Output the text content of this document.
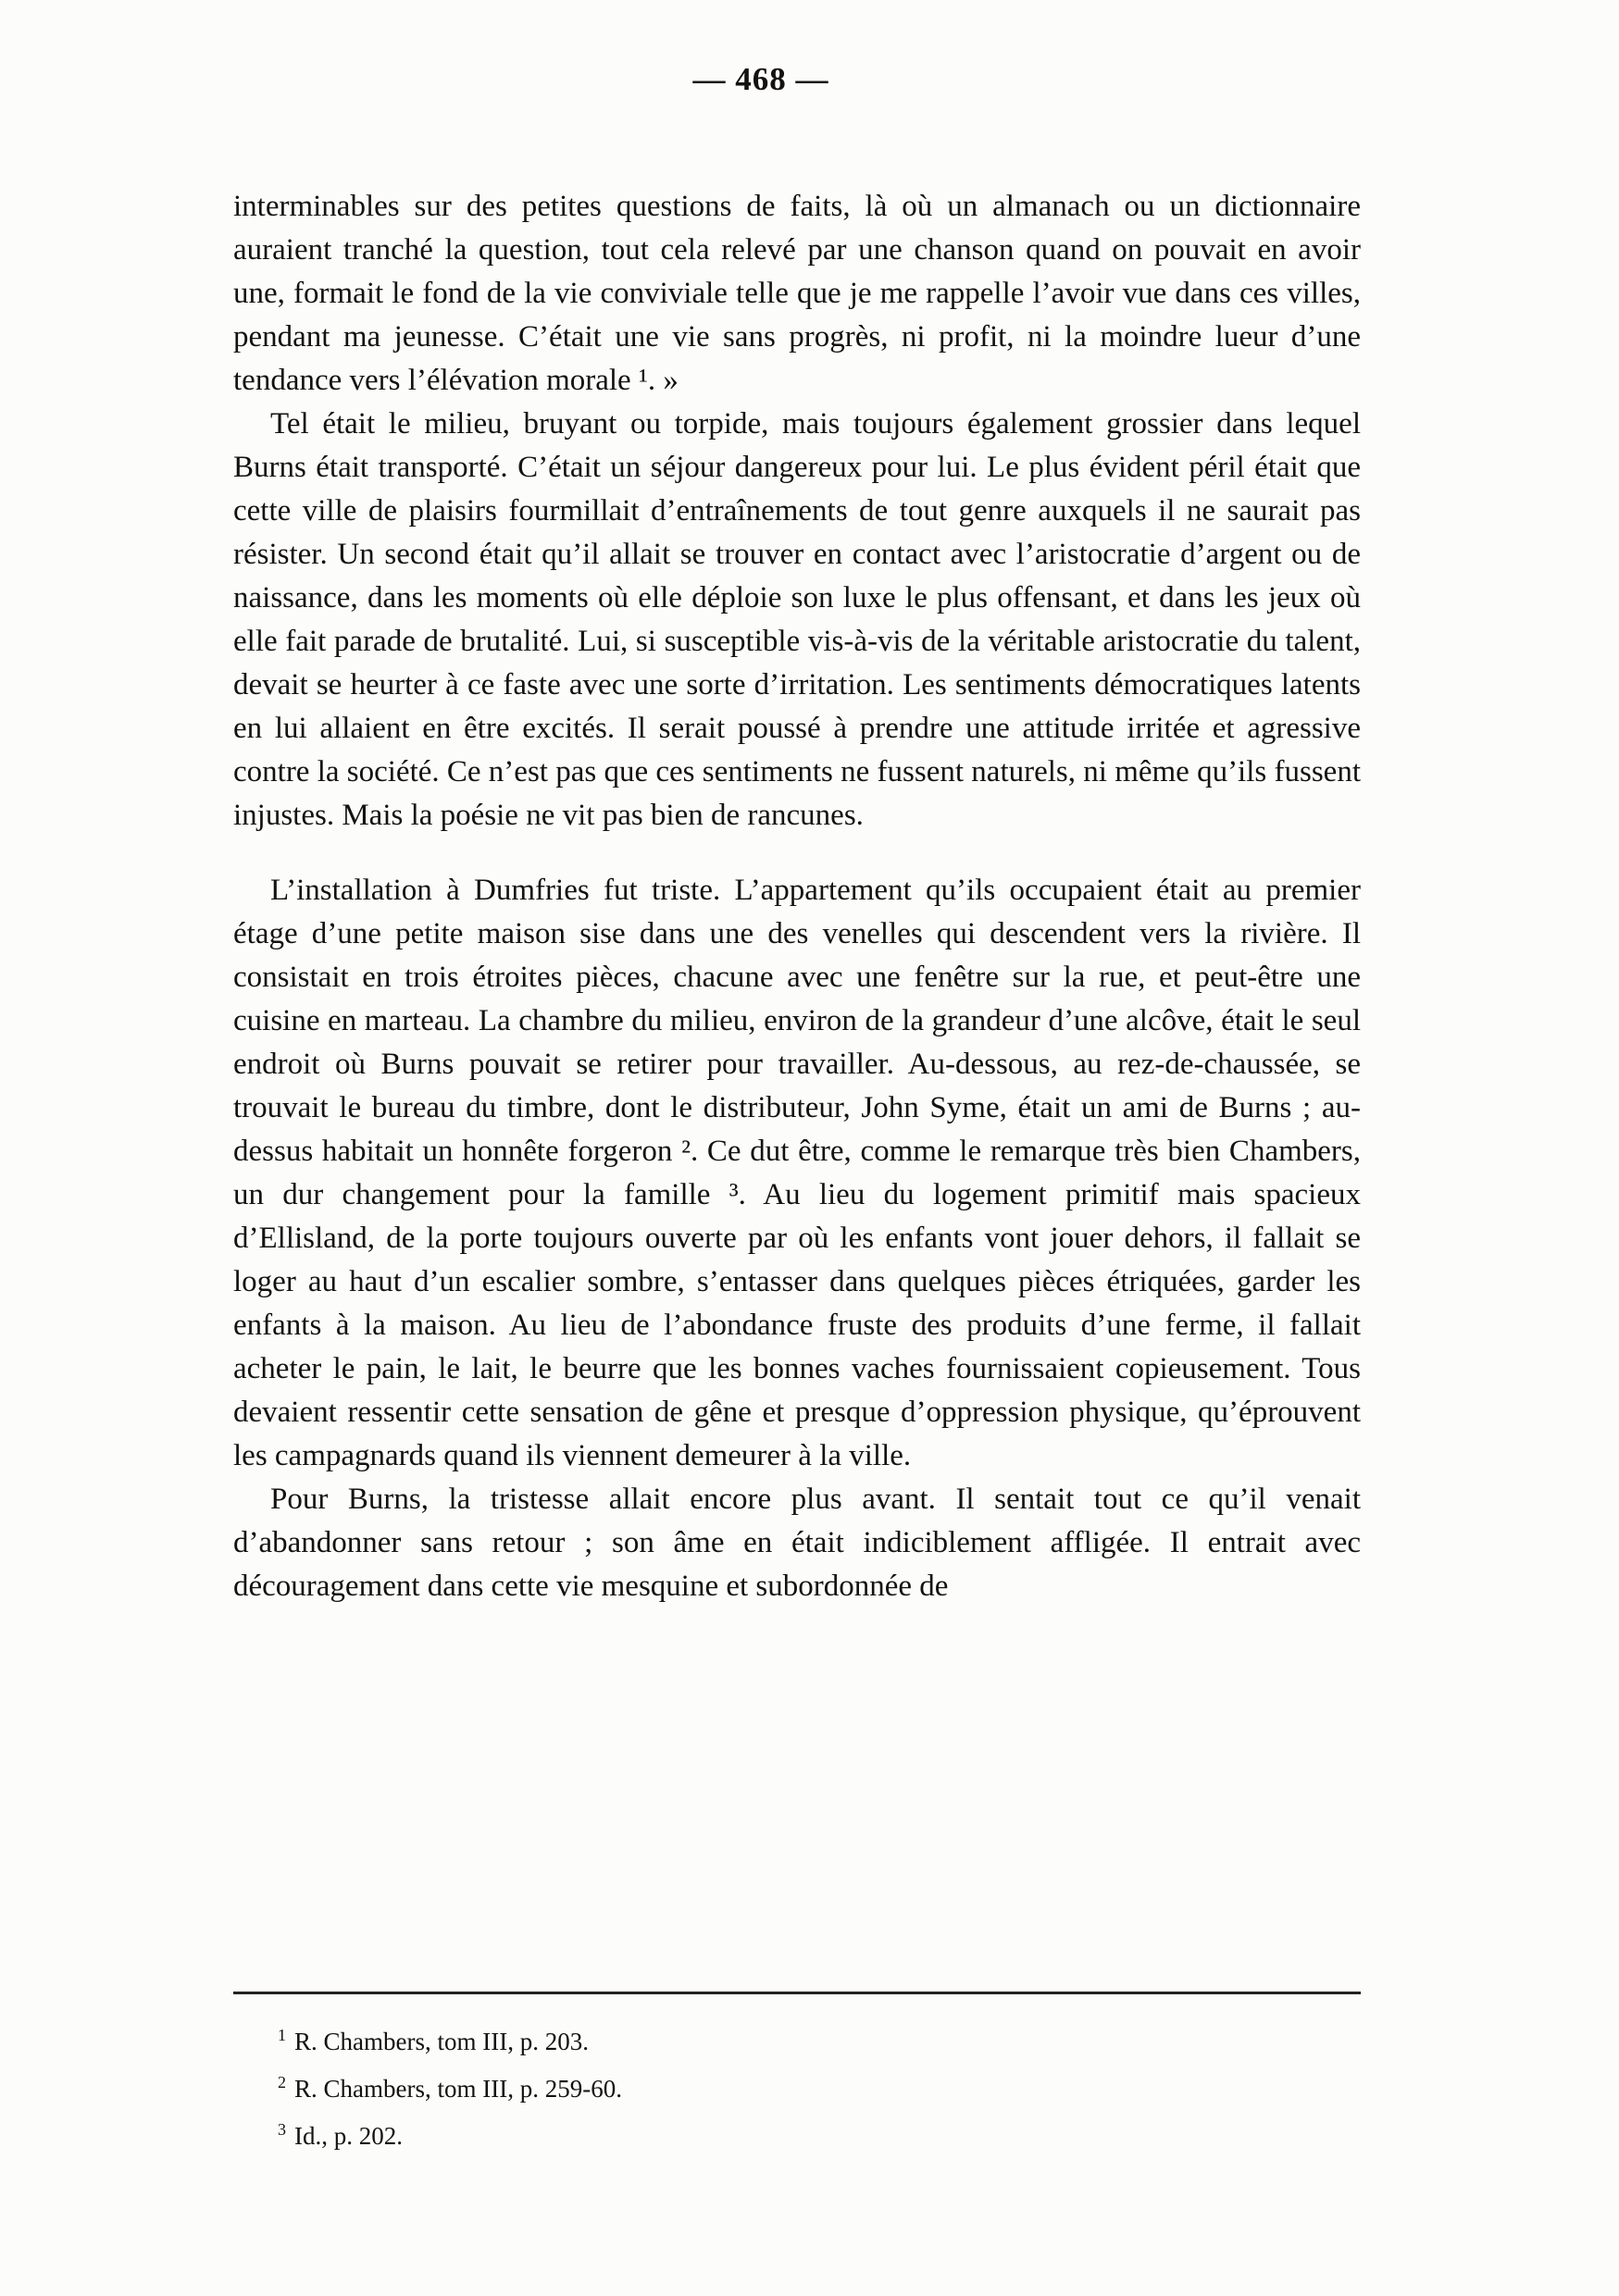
— 468 —

interminables sur des petites questions de faits, là où un almanach ou un dictionnaire auraient tranché la question, tout cela relevé par une chanson quand on pouvait en avoir une, formait le fond de la vie conviviale telle que je me rappelle l’avoir vue dans ces villes, pendant ma jeunesse. C’était une vie sans progrès, ni profit, ni la moindre lueur d’une tendance vers l’élévation morale ¹. »

Tel était le milieu, bruyant ou torpide, mais toujours également grossier dans lequel Burns était transporté. C’était un séjour dangereux pour lui. Le plus évident péril était que cette ville de plaisirs fourmillait d’entraînements de tout genre auxquels il ne saurait pas résister. Un second était qu’il allait se trouver en contact avec l’aristocratie d’argent ou de naissance, dans les moments où elle déploie son luxe le plus offensant, et dans les jeux où elle fait parade de brutalité. Lui, si susceptible vis-à-vis de la véritable aristocratie du talent, devait se heurter à ce faste avec une sorte d’irritation. Les sentiments démocratiques latents en lui allaient en être excités. Il serait poussé à prendre une attitude irritée et agressive contre la société. Ce n’est pas que ces sentiments ne fussent naturels, ni même qu’ils fussent injustes. Mais la poésie ne vit pas bien de rancunes.

L’installation à Dumfries fut triste. L’appartement qu’ils occupaient était au premier étage d’une petite maison sise dans une des venelles qui descendent vers la rivière. Il consistait en trois étroites pièces, chacune avec une fenêtre sur la rue, et peut-être une cuisine en marteau. La chambre du milieu, environ de la grandeur d’une alcôve, était le seul endroit où Burns pouvait se retirer pour travailler. Au-dessous, au rez-de-chaussée, se trouvait le bureau du timbre, dont le distributeur, John Syme, était un ami de Burns ; au-dessus habitait un honnête forgeron ². Ce dut être, comme le remarque très bien Chambers, un dur changement pour la famille ³. Au lieu du logement primitif mais spacieux d’Ellisland, de la porte toujours ouverte par où les enfants vont jouer dehors, il fallait se loger au haut d’un escalier sombre, s’entasser dans quelques pièces étriquées, garder les enfants à la maison. Au lieu de l’abondance fruste des produits d’une ferme, il fallait acheter le pain, le lait, le beurre que les bonnes vaches fournissaient copieusement. Tous devaient ressentir cette sensation de gêne et presque d’oppression physique, qu’éprouvent les campagnards quand ils viennent demeurer à la ville.

Pour Burns, la tristesse allait encore plus avant. Il sentait tout ce qu’il venait d’abandonner sans retour ; son âme en était indiciblement affligée. Il entrait avec découragement dans cette vie mesquine et subordonnée de

$^1$ R. Chambers, tom III, p. 203.
$^2$ R. Chambers, tom III, p. 259-60.
$^3$ Id., p. 202.
